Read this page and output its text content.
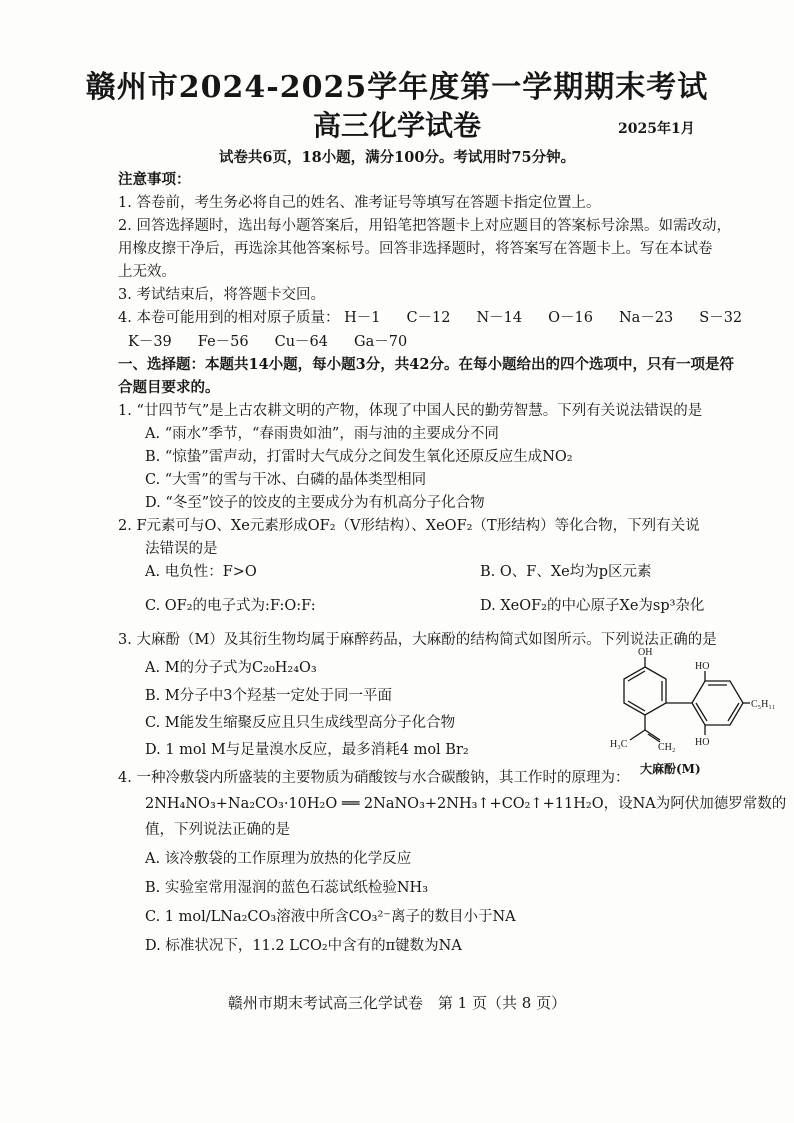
赣州市2024-2025学年度第一学期期末考试
高三化学试卷	2025年1月
试卷共6页，18小题，满分100分。考试用时75分钟。
注意事项：
1. 答卷前，考生务必将自己的姓名、准考证号等填写在答题卡指定位置上。
2. 回答选择题时，选出每小题答案后，用铅笔把答题卡上对应题目的答案标号涂黑。如需改动，
用橡皮擦干净后，再选涂其他答案标号。回答非选择题时，将答案写在答题卡上。写在本试卷
上无效。
3. 考试结束后，将答题卡交回。
4. 本卷可能用到的相对原子质量： H－1 C－12 N－14 O－16 Na－23 S－32
K－39 Fe－56 Cu－64 Ga－70
一、选择题：本题共14小题，每小题3分，共42分。在每小题给出的四个选项中，只有一项是符
合题目要求的。
1. “廿四节气”是上古农耕文明的产物，体现了中国人民的勤劳智慧。下列有关说法错误的是
A. “雨水”季节，“春雨贵如油”，雨与油的主要成分不同
B. “惊蛰”雷声动，打雷时大气成分之间发生氧化还原反应生成NO₂
C. “大雪”的雪与干冰、白磷的晶体类型相同
D. “冬至”饺子的饺皮的主要成分为有机高分子化合物
2. F元素可与O、Xe元素形成OF₂（V形结构）、XeOF₂（T形结构）等化合物，下列有关说
法错误的是
A. 电负性：F>O	B. O、F、Xe均为p区元素
C. OF₂的电子式为:F:O:F:	D. XeOF₂的中心原子Xe为sp³杂化
3. 大麻酚（M）及其衍生物均属于麻醉药品，大麻酚的结构简式如图所示。下列说法正确的是
A. M的分子式为C₂₀H₂₄O₃
B. M分子中3个羟基一定处于同一平面
C. M能发生缩聚反应且只生成线型高分子化合物
D. 1 mol M与足量溴水反应，最多消耗4 mol Br₂
OH
HO
HO
C₅H₁₁
H₃C	CH₂
大麻酚(M)
4. 一种冷敷袋内所盛装的主要物质为硝酸铵与水合碳酸钠，其工作时的原理为：
2NH₄NO₃+Na₂CO₃·10H₂O ══ 2NaNO₃+2NH₃↑+CO₂↑+11H₂O，设NA为阿伏加德罗常数的
值，下列说法正确的是
A. 该冷敷袋的工作原理为放热的化学反应
B. 实验室常用湿润的蓝色石蕊试纸检验NH₃
C. 1 mol/LNa₂CO₃溶液中所含CO₃²⁻离子的数目小于NA
D. 标准状况下，11.2 LCO₂中含有的π键数为NA
赣州市期末考试高三化学试卷　第 1 页（共 8 页）
